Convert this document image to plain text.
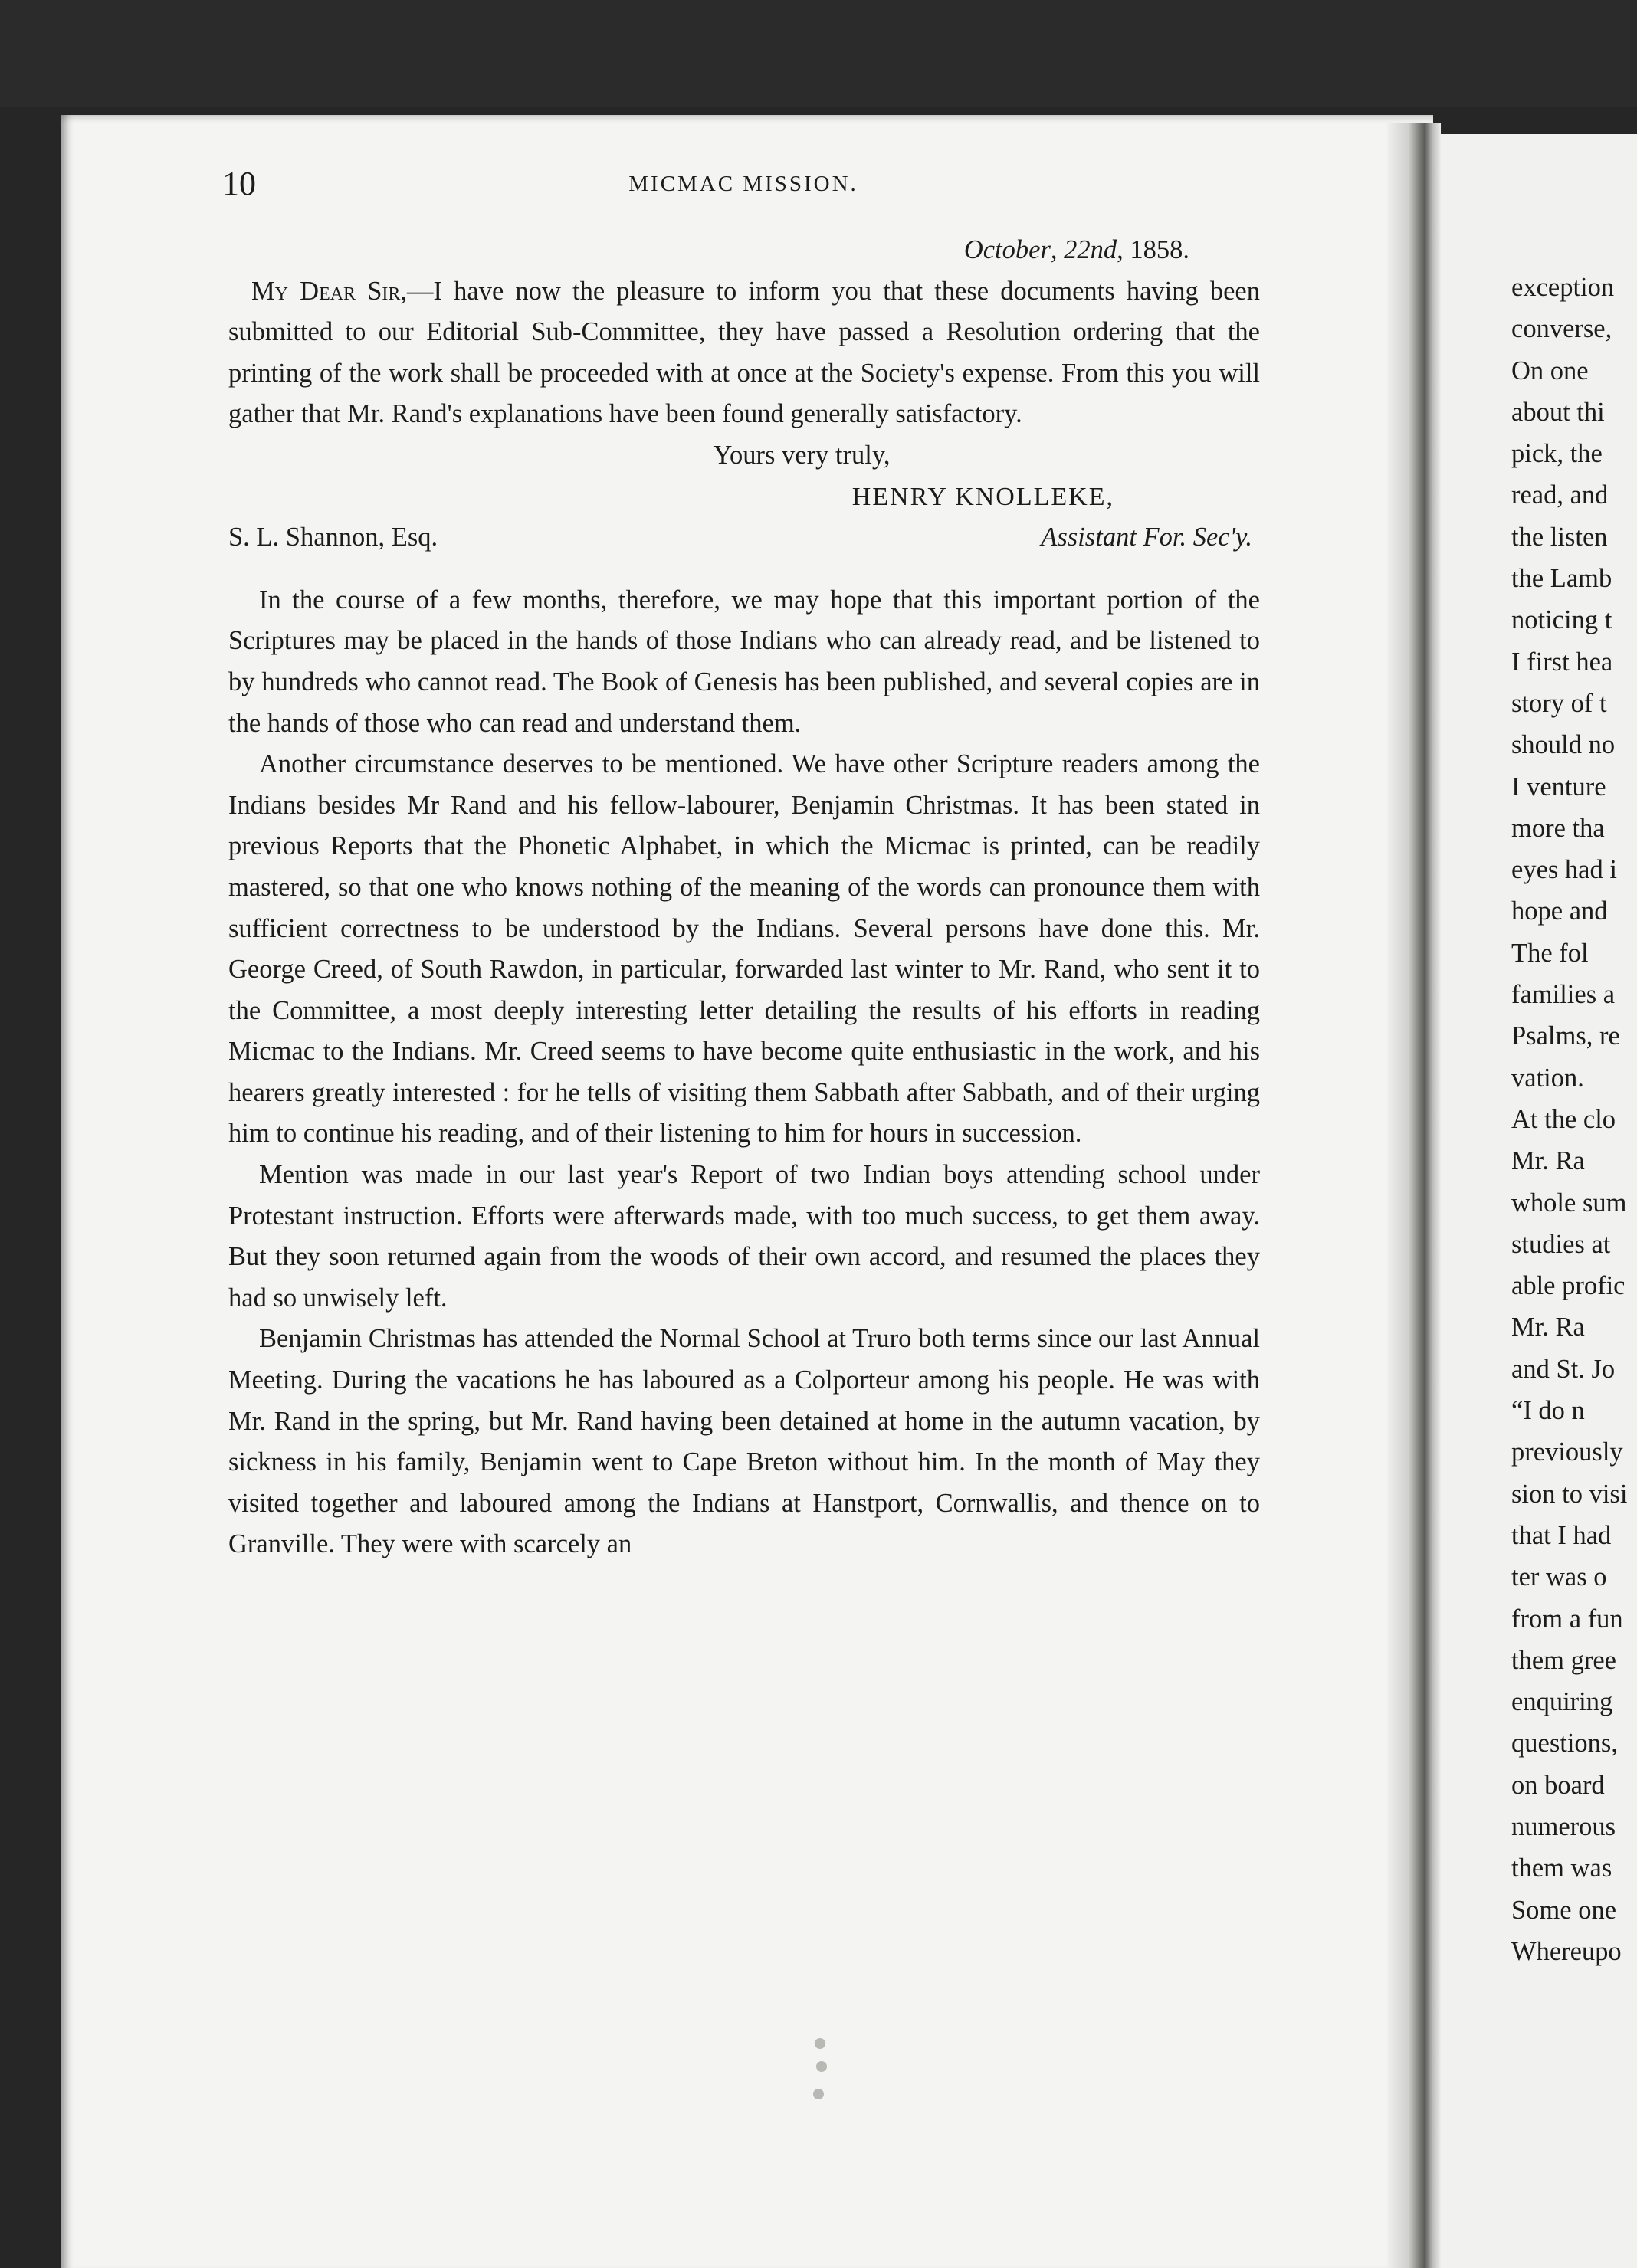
10	MICMAC MISSION.
October, 22nd, 1858.

My Dear Sir,—I have now the pleasure to inform you that these documents having been submitted to our Editorial Sub-Committee, they have passed a Resolution ordering that the printing of the work shall be proceeded with at once at the Society's expense. From this you will gather that Mr. Rand's explanations have been found generally satisfactory.

Yours very truly,
HENRY KNOLLEKE,
S. L. Shannon, Esq.	Assistant For. Sec'y.

In the course of a few months, therefore, we may hope that this important portion of the Scriptures may be placed in the hands of those Indians who can already read, and be listened to by hundreds who cannot read. The Book of Genesis has been published, and several copies are in the hands of those who can read and understand them.

Another circumstance deserves to be mentioned. We have other Scripture readers among the Indians besides Mr Rand and his fellow-labourer, Benjamin Christmas. It has been stated in previous Reports that the Phonetic Alphabet, in which the Micmac is printed, can be readily mastered, so that one who knows nothing of the meaning of the words can pronounce them with sufficient correctness to be understood by the Indians. Several persons have done this. Mr. George Creed, of South Rawdon, in particular, forwarded last winter to Mr. Rand, who sent it to the Committee, a most deeply interesting letter detailing the results of his efforts in reading Micmac to the Indians. Mr. Creed seems to have become quite enthusiastic in the work, and his hearers greatly interested : for he tells of visiting them Sabbath after Sabbath, and of their urging him to continue his reading, and of their listening to him for hours in succession.

Mention was made in our last year's Report of two Indian boys attending school under Protestant instruction. Efforts were afterwards made, with too much success, to get them away. But they soon returned again from the woods of their own accord, and resumed the places they had so unwisely left.

Benjamin Christmas has attended the Normal School at Truro both terms since our last Annual Meeting. During the vacations he has laboured as a Colporteur among his people. He was with Mr. Rand in the spring, but Mr. Rand having been detained at home in the autumn vacation, by sickness in his family, Benjamin went to Cape Breton without him. In the month of May they visited together and laboured among the Indians at Hanstport, Cornwallis, and thence on to Granville. They were with scarcely an

exception
converse,
On one
about thi
pick, the
read, and
the listen
the Lamb
noticing t
I first hea
story of t
should no
I venture
more tha
eyes had i
hope and
The fol
families a
Psalms, re
vation.
At the clo
Mr. Ra
whole sum
studies at
able profic
Mr. Ra
and St. Jo
“I do n
previously
sion to visi
that I had
ter was o
from a fun
them gree
enquiring
questions,
on board
numerous
them was
Some one
Whereupo
